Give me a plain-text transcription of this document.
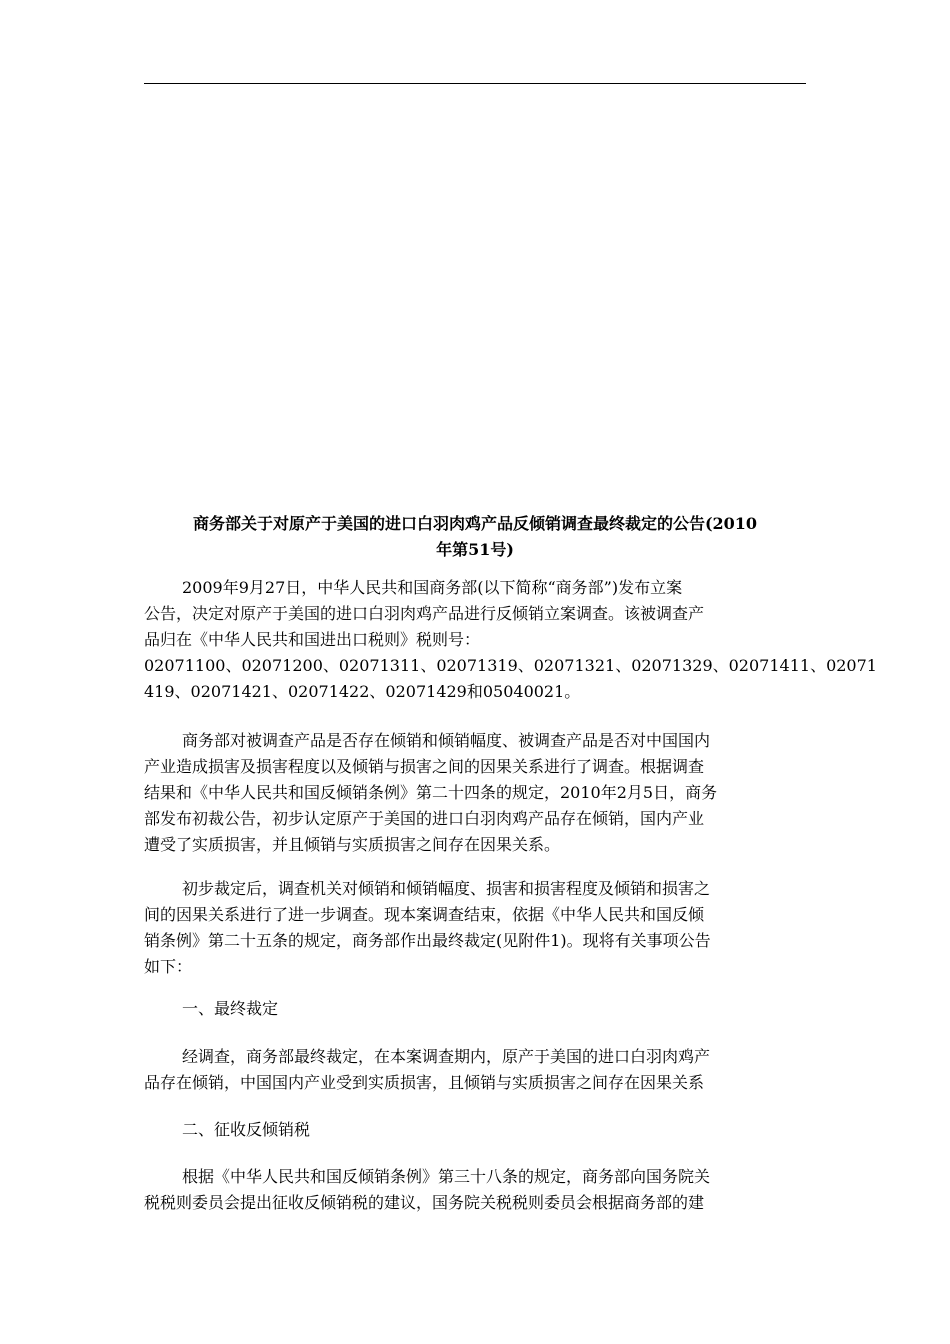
商务部关于对原产于美国的进口白羽肉鸡产品反倾销调查最终裁定的公告(2010
年第51号)
2009年9月27日，中华人民共和国商务部(以下简称“商务部”)发布立案
公告，决定对原产于美国的进口白羽肉鸡产品进行反倾销立案调查。该被调查产
品归在《中华人民共和国进出口税则》税则号：
02071100、02071200、02071311、02071319、02071321、02071329、02071411、02071
419、02071421、02071422、02071429和05040021。
商务部对被调查产品是否存在倾销和倾销幅度、被调查产品是否对中国国内
产业造成损害及损害程度以及倾销与损害之间的因果关系进行了调查。根据调查
结果和《中华人民共和国反倾销条例》第二十四条的规定，2010年2月5日，商务
部发布初裁公告，初步认定原产于美国的进口白羽肉鸡产品存在倾销，国内产业
遭受了实质损害，并且倾销与实质损害之间存在因果关系。
初步裁定后，调查机关对倾销和倾销幅度、损害和损害程度及倾销和损害之
间的因果关系进行了进一步调查。现本案调查结束，依据《中华人民共和国反倾
销条例》第二十五条的规定，商务部作出最终裁定(见附件1)。现将有关事项公告
如下：
一、最终裁定
经调查，商务部最终裁定，在本案调查期内，原产于美国的进口白羽肉鸡产
品存在倾销，中国国内产业受到实质损害，且倾销与实质损害之间存在因果关系
二、征收反倾销税
根据《中华人民共和国反倾销条例》第三十八条的规定，商务部向国务院关
税税则委员会提出征收反倾销税的建议，国务院关税税则委员会根据商务部的建
